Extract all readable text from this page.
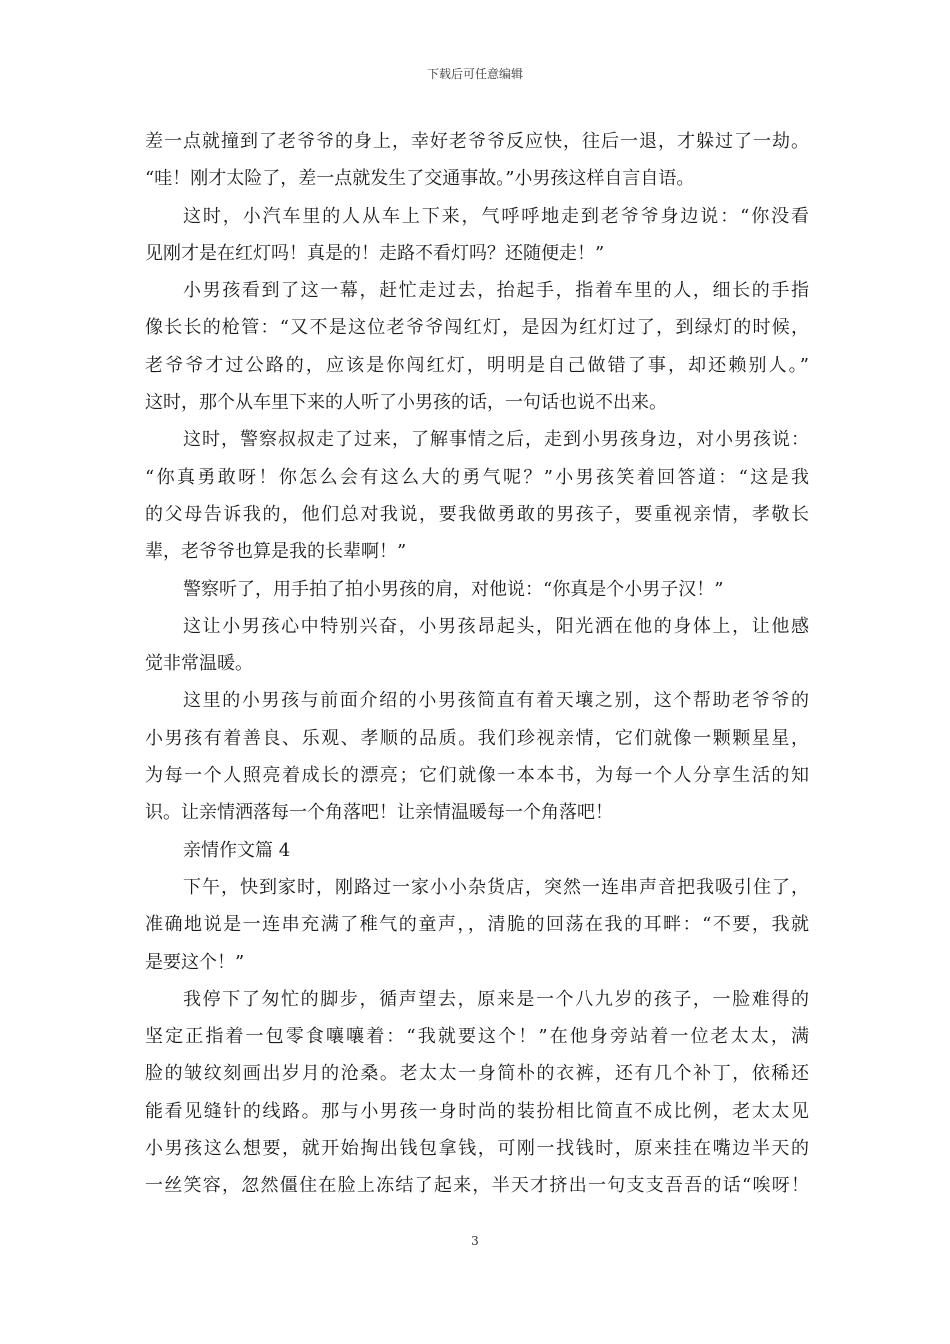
下载后可任意编辑
差一点就撞到了老爷爷的身上，幸好老爷爷反应快，往后一退，才躲过了一劫。
“哇！刚才太险了，差一点就发生了交通事故。”小男孩这样自言自语。
这时，小汽车里的人从车上下来，气呼呼地走到老爷爷身边说：“你没看
见刚才是在红灯吗！真是的！走路不看灯吗？还随便走！”
小男孩看到了这一幕，赶忙走过去，抬起手，指着车里的人，细长的手指
像长长的枪管：“又不是这位老爷爷闯红灯，是因为红灯过了，到绿灯的时候，
老爷爷才过公路的，应该是你闯红灯，明明是自己做错了事，却还赖别人。”
这时，那个从车里下来的人听了小男孩的话，一句话也说不出来。
这时，警察叔叔走了过来，了解事情之后，走到小男孩身边，对小男孩说：
“你真勇敢呀！你怎么会有这么大的勇气呢？”小男孩笑着回答道：“这是我
的父母告诉我的，他们总对我说，要我做勇敢的男孩子，要重视亲情，孝敬长
辈，老爷爷也算是我的长辈啊！”
警察听了，用手拍了拍小男孩的肩，对他说：“你真是个小男子汉！”
这让小男孩心中特别兴奋，小男孩昂起头，阳光洒在他的身体上，让他感
觉非常温暖。
这里的小男孩与前面介绍的小男孩简直有着天壤之别，这个帮助老爷爷的
小男孩有着善良、乐观、孝顺的品质。我们珍视亲情，它们就像一颗颗星星，
为每一个人照亮着成长的漂亮；它们就像一本本书，为每一个人分享生活的知
识。让亲情洒落每一个角落吧！让亲情温暖每一个角落吧！
亲情作文篇 4
下午，快到家时，刚路过一家小小杂货店，突然一连串声音把我吸引住了，
准确地说是一连串充满了稚气的童声，，清脆的回荡在我的耳畔：“不要，我就
是要这个！”
我停下了匆忙的脚步，循声望去，原来是一个八九岁的孩子，一脸难得的
坚定正指着一包零食嚷嚷着：“我就要这个！”在他身旁站着一位老太太，满
脸的皱纹刻画出岁月的沧桑。老太太一身简朴的衣裤，还有几个补丁，依稀还
能看见缝针的线路。那与小男孩一身时尚的装扮相比简直不成比例，老太太见
小男孩这么想要，就开始掏出钱包拿钱，可刚一找钱时，原来挂在嘴边半天的
一丝笑容，忽然僵住在脸上冻结了起来，半天才挤出一句支支吾吾的话“唉呀！
3
